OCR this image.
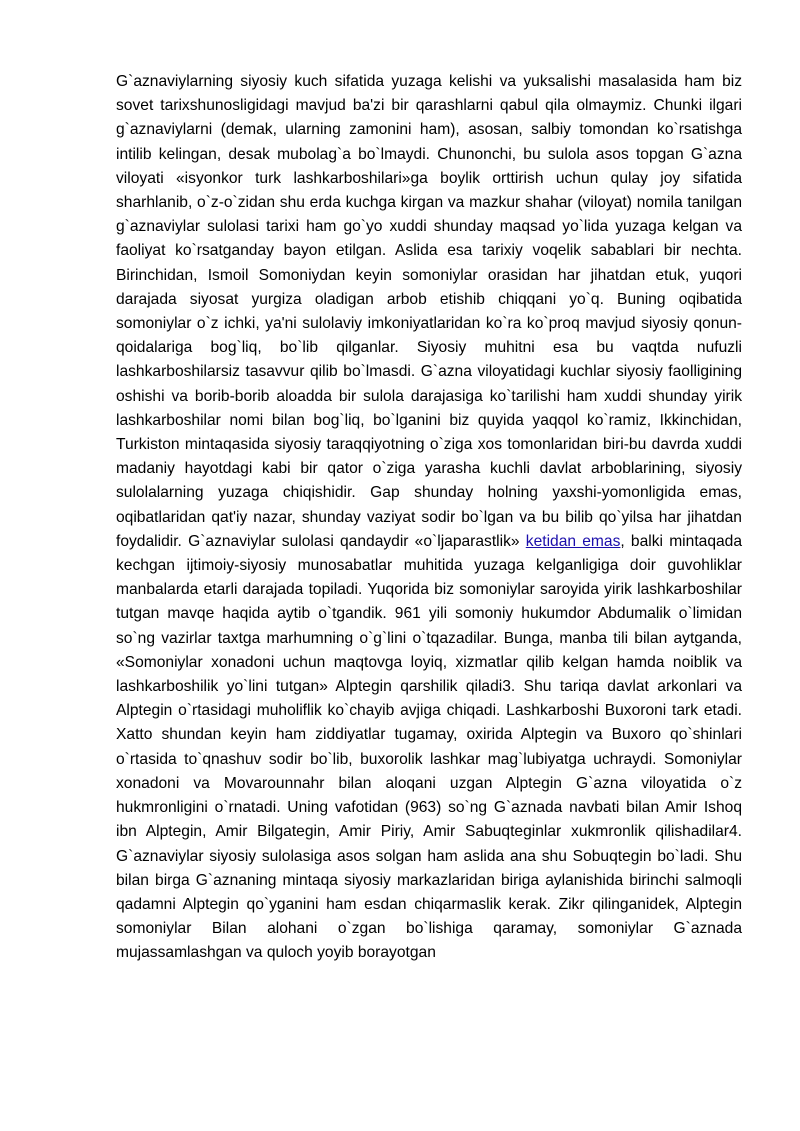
G`aznaviylarning siyosiy kuch sifatida yuzaga kelishi va yuksalishi masalasida ham biz sovet tarixshunosligidagi mavjud ba'zi bir qarashlarni qabul qila olmaymiz. Chunki ilgari g`aznaviylarni (demak, ularning zamonini ham), asosan, salbiy tomondan ko`rsatishga intilib kelingan, desak mubolag`a bo`lmaydi. Chunonchi, bu sulola asos topgan G`azna viloyati «isyonkor turk lashkarboshilari»ga boylik orttirish uchun qulay joy sifatida sharhlanib, o`z-o`zidan shu erda kuchga kirgan va mazkur shahar (viloyat) nomila tanilgan g`aznaviylar sulolasi tarixi ham go`yo xuddi shunday maqsad yo`lida yuzaga kelgan va faoliyat ko`rsatganday bayon etilgan. Aslida esa tarixiy voqelik sabablari bir nechta. Birinchidan, Ismoil Somoniydan keyin somoniylar orasidan har jihatdan etuk, yuqori darajada siyosat yurgiza oladigan arbob etishib chiqqani yo`q. Buning oqibatida somoniylar o`z ichki, ya'ni sulolaviy imkoniyatlaridan ko`ra ko`proq mavjud siyosiy qonun-qoidalariga bog`liq, bo`lib qilganlar. Siyosiy muhitni esa bu vaqtda nufuzli lashkarboshilarsiz tasavvur qilib bo`lmasdi. G`azna viloyatidagi kuchlar siyosiy faolligining oshishi va borib-borib aloadda bir sulola darajasiga ko`tarilishi ham xuddi shunday yirik lashkarboshilar nomi bilan bog`liq, bo`lganini biz quyida yaqqol ko`ramiz, Ikkinchidan, Turkiston mintaqasida siyosiy taraqqiyotning o`ziga xos tomonlaridan biri-bu davrda xuddi madaniy hayotdagi kabi bir qator o`ziga yarasha kuchli davlat arboblarining, siyosiy sulolalarning yuzaga chiqishidir. Gap shunday holning yaxshi-yomonligida emas, oqibatlaridan qat'iy nazar, shunday vaziyat sodir bo`lgan va bu bilib qo`yilsa har jihatdan foydalidir. G`aznaviylar sulolasi qandaydir «o`ljaparastlik» ketidan emas, balki mintaqada kechgan ijtimoiy-siyosiy munosabatlar muhitida yuzaga kelganligiga doir guvohliklar manbalarda etarli darajada topiladi. Yuqorida biz somoniylar saroyida yirik lashkarboshilar tutgan mavqe haqida aytib o`tgandik. 961 yili somoniy hukumdor Abdumalik o`limidan so`ng vazirlar taxtga marhumning o`g`lini o`tqazadilar. Bunga, manba tili bilan aytganda, «Somoniylar xonadoni uchun maqtovga loyiq, xizmatlar qilib kelgan hamda noiblik va lashkarboshilik yo`lini tutgan» Alptegin qarshilik qiladi3. Shu tariqa davlat arkonlari va Alptegin o`rtasidagi muholiflik ko`chayib avjiga chiqadi. Lashkarboshi Buxoroni tark etadi. Xatto shundan keyin ham ziddiyatlar tugamay, oxirida Alptegin va Buxoro qo`shinlari o`rtasida to`qnashuv sodir bo`lib, buxorolik lashkar mag`lubiyatga uchraydi. Somoniylar xonadoni va Movarounnahr bilan aloqani uzgan Alptegin G`azna viloyatida o`z hukmronligini o`rnatadi. Uning vafotidan (963) so`ng G`aznada navbati bilan Amir Ishoq ibn Alptegin, Amir Bilgategin, Amir Piriy, Amir Sabuqteginlar xukmronlik qilishadilar4. G`aznaviylar siyosiy sulolasiga asos solgan ham aslida ana shu Sobuqtegin bo`ladi. Shu bilan birga G`aznaning mintaqa siyosiy markazlaridan biriga aylanishida birinchi salmoqli qadamni Alptegin qo`yganini ham esdan chiqarmaslik kerak. Zikr qilinganidek, Alptegin somoniylar Bilan alohani o`zgan bo`lishiga qaramay, somoniylar G`aznada mujassamlashgan va quloch yoyib borayotgan
